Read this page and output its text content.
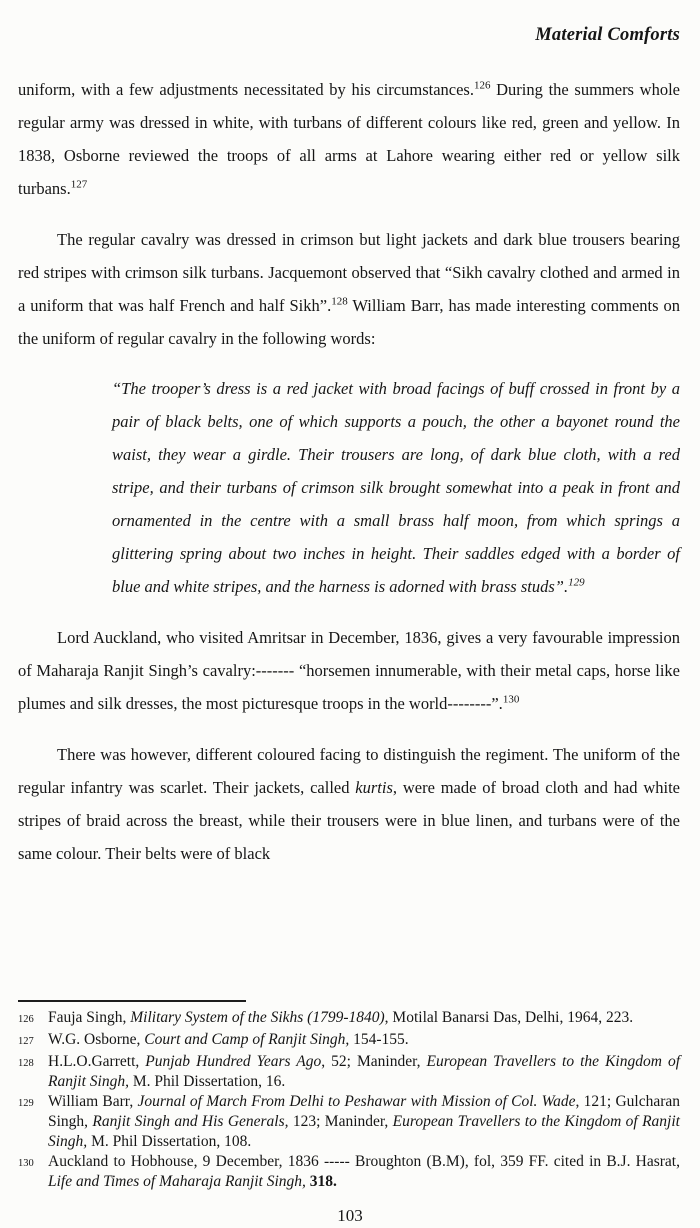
Material Comforts

uniform, with a few adjustments necessitated by his circumstances.$^{126}$ During the summers whole regular army was dressed in white, with turbans of different colours like red, green and yellow. In 1838, Osborne reviewed the troops of all arms at Lahore wearing either red or yellow silk turbans.$^{127}$

The regular cavalry was dressed in crimson but light jackets and dark blue trousers bearing red stripes with crimson silk turbans. Jacquemont observed that “Sikh cavalry clothed and armed in a uniform that was half French and half Sikh”.$^{128}$ William Barr, has made interesting comments on the uniform of regular cavalry in the following words:

“The trooper’s dress is a red jacket with broad facings of buff crossed in front by a pair of black belts, one of which supports a pouch, the other a bayonet round the waist, they wear a girdle. Their trousers are long, of dark blue cloth, with a red stripe, and their turbans of crimson silk brought somewhat into a peak in front and ornamented in the centre with a small brass half moon, from which springs a glittering spring about two inches in height. Their saddles edged with a border of blue and white stripes, and the harness is adorned with brass studs”.$^{129}$

Lord Auckland, who visited Amritsar in December, 1836, gives a very favourable impression of Maharaja Ranjit Singh’s cavalry:------- “horsemen innumerable, with their metal caps, horse like plumes and silk dresses, the most picturesque troops in the world--------”.$^{130}$

There was however, different coloured facing to distinguish the regiment. The uniform of the regular infantry was scarlet. Their jackets, called kurtis, were made of broad cloth and had white stripes of braid across the breast, while their trousers were in blue linen, and turbans were of the same colour. Their belts were of black

126 Fauja Singh, Military System of the Sikhs (1799-1840), Motilal Banarsi Das, Delhi, 1964, 223.
127 W.G. Osborne, Court and Camp of Ranjit Singh, 154-155.
128 H.L.O.Garrett, Punjab Hundred Years Ago, 52; Maninder, European Travellers to the Kingdom of Ranjit Singh, M. Phil Dissertation, 16.
129 William Barr, Journal of March From Delhi to Peshawar with Mission of Col. Wade, 121; Gulcharan Singh, Ranjit Singh and His Generals, 123; Maninder, European Travellers to the Kingdom of Ranjit Singh, M. Phil Dissertation, 108.
130 Auckland to Hobhouse, 9 December, 1836 ----- Broughton (B.M), fol, 359 FF. cited in B.J. Hasrat, Life and Times of Maharaja Ranjit Singh, 318.
103
